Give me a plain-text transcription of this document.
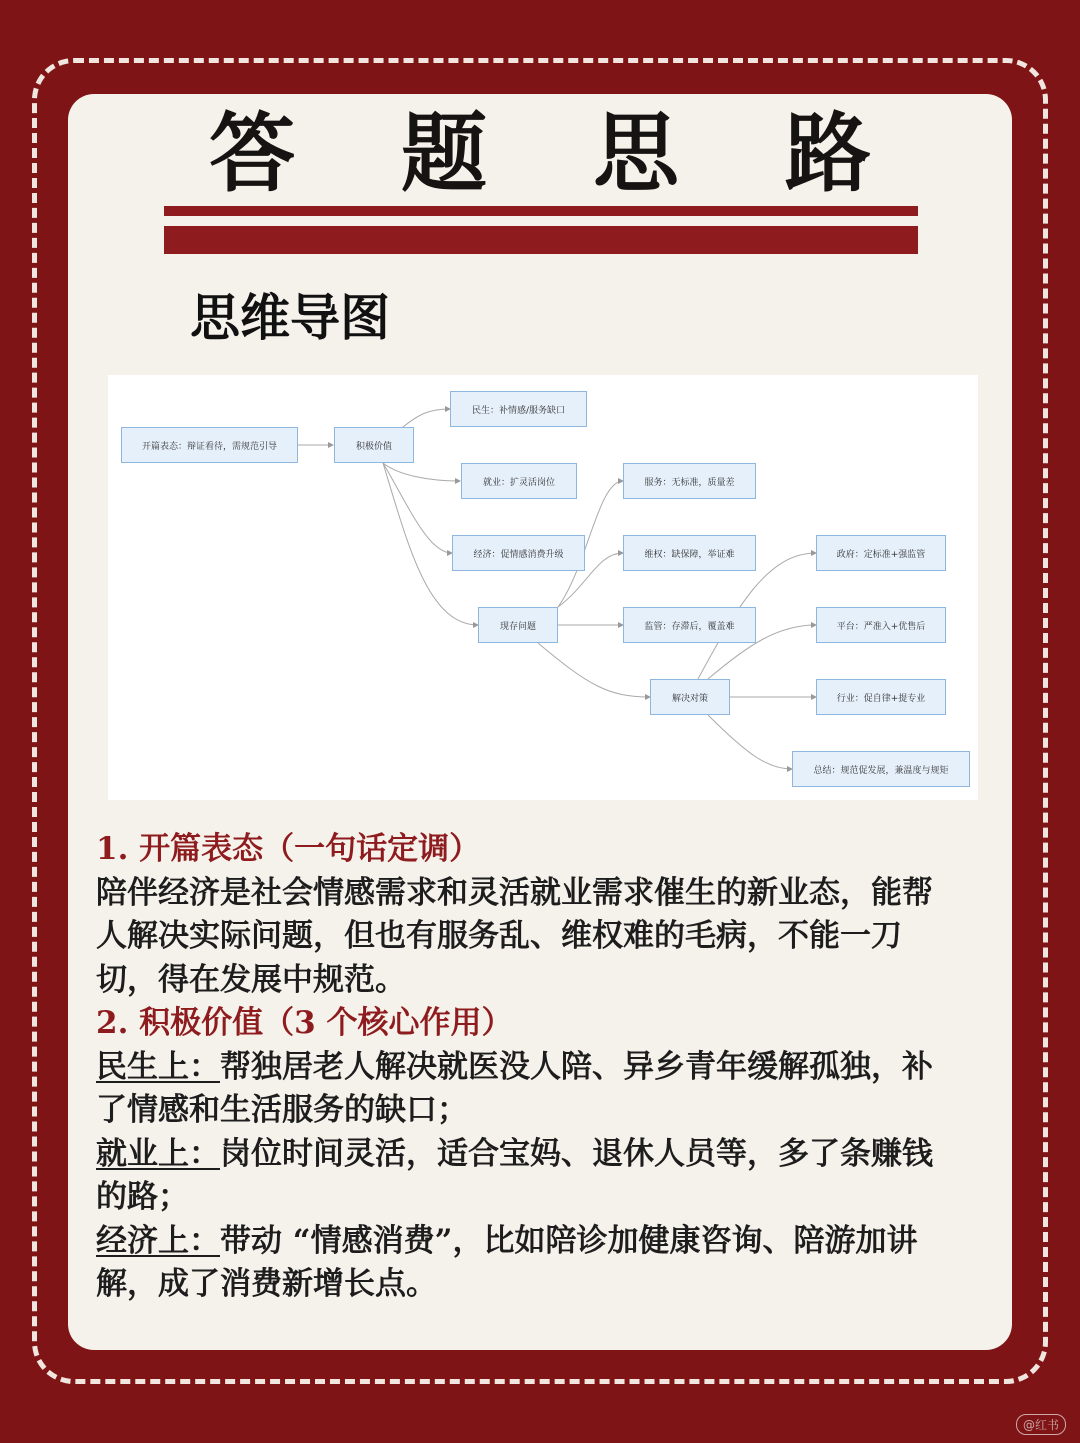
答 题 思 路
思维导图
开篇表态：辩证看待，需规范引导	积极价值
民生：补情感/服务缺口
就业：扩灵活岗位
经济：促情感消费升级
现存问题
服务：无标准，质量差
维权：缺保障，举证难
监管：存滞后，覆盖难
解决对策
政府：定标准+强监管
平台：严准入+优售后
行业：促自律+提专业
总结：规范促发展，兼温度与规矩

1. 开篇表态（一句话定调）

陪伴经济是社会情感需求和灵活就业需求催生的新业态，能帮人解决实际问题，但也有服务乱、维权难的毛病，不能一刀切，得在发展中规范。

2. 积极价值（3 个核心作用）

民生上：帮独居老人解决就医没人陪、异乡青年缓解孤独，补了情感和生活服务的缺口；

就业上：岗位时间灵活，适合宝妈、退休人员等，多了条赚钱的路；

经济上：带动 “情感消费”，比如陪诊加健康咨询、陪游加讲解，成了消费新增长点。

@红书
